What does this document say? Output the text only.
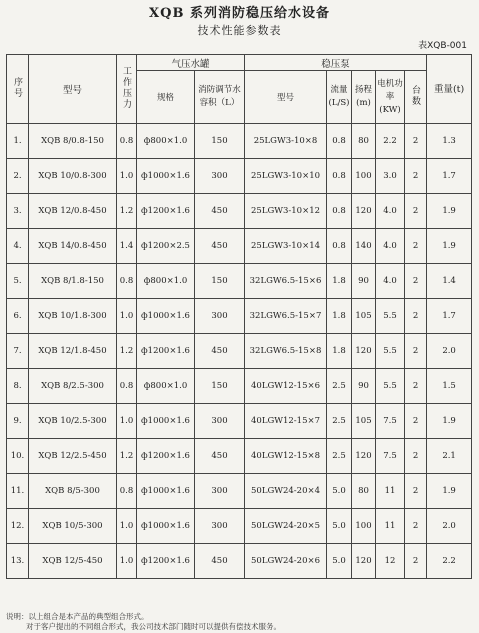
XQB 系列消防稳压给水设备
技术性能参数表
表XQB-001
序号	型号	工作压力	气压水罐		稳压泵					重量(t)
			规格	消防调节水容积（L）	型号	流量(L/S)	扬程(m)	电机功率(KW)	台数	
1.	XQB 8/0.8-150	0.8	ф800×1.0	150	25LGW3-10×8	0.8	80	2.2	2	1.3
2.	XQB 10/0.8-300	1.0	ф1000×1.6	300	25LGW3-10×10	0.8	100	3.0	2	1.7
3.	XQB 12/0.8-450	1.2	ф1200×1.6	450	25LGW3-10×12	0.8	120	4.0	2	1.9
4.	XQB 14/0.8-450	1.4	ф1200×2.5	450	25LGW3-10×14	0.8	140	4.0	2	1.9
5.	XQB 8/1.8-150	0.8	ф800×1.0	150	32LGW6.5-15×6	1.8	90	4.0	2	1.4
6.	XQB 10/1.8-300	1.0	ф1000×1.6	300	32LGW6.5-15×7	1.8	105	5.5	2	1.7
7.	XQB 12/1.8-450	1.2	ф1200×1.6	450	32LGW6.5-15×8	1.8	120	5.5	2	2.0
8.	XQB 8/2.5-300	0.8	ф800×1.0	150	40LGW12-15×6	2.5	90	5.5	2	1.5
9.	XQB 10/2.5-300	1.0	ф1000×1.6	300	40LGW12-15×7	2.5	105	7.5	2	1.9
10.	XQB 12/2.5-450	1.2	ф1200×1.6	450	40LGW12-15×8	2.5	120	7.5	2	2.1
11.	XQB 8/5-300	0.8	ф1000×1.6	300	50LGW24-20×4	5.0	80	11	2	1.9
12.	XQB 10/5-300	1.0	ф1000×1.6	300	50LGW24-20×5	5.0	100	11	2	2.0
13.	XQB 12/5-450	1.0	ф1200×1.6	450	50LGW24-20×6	5.0	120	12	2	2.2
说明：以上组合是本产品的典型组合形式。
对于客户提出的不同组合形式，我公司技术部门随时可以提供有偿技术服务。
